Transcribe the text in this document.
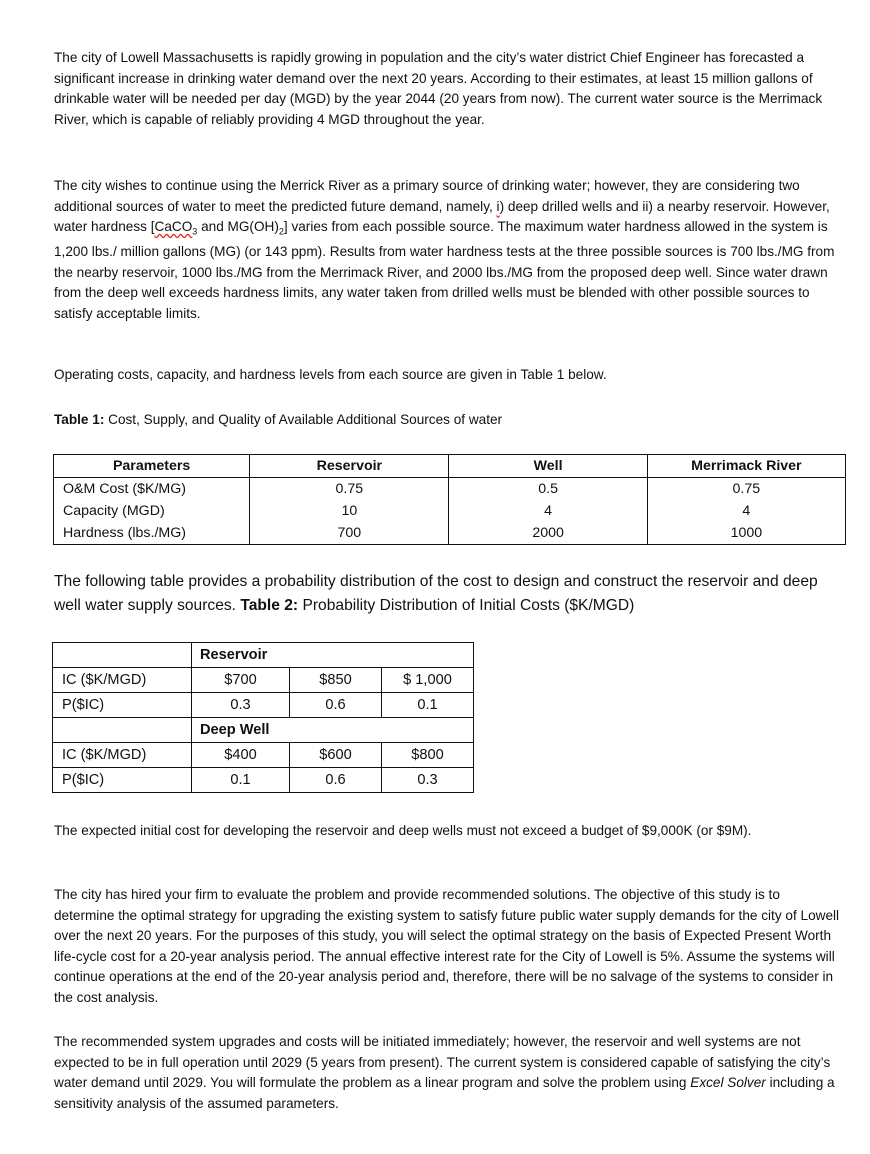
The city of Lowell Massachusetts is rapidly growing in population and the city’s water district Chief Engineer has forecasted a significant increase in drinking water demand over the next 20 years. According to their estimates, at least 15 million gallons of drinkable water will be needed per day (MGD) by the year 2044 (20 years from now). The current water source is the Merrimack River, which is capable of reliably providing 4 MGD throughout the year.

The city wishes to continue using the Merrick River as a primary source of drinking water; however, they are considering two additional sources of water to meet the predicted future demand, namely, i) deep drilled wells and ii) a nearby reservoir. However, water hardness [CaCO$_3$ and $MG(OH)_2$] varies from each possible source. The maximum water hardness allowed in the system is 1,200 lbs./ million gallons (MG) (or 143 ppm). Results from water hardness tests at the three possible sources is 700 lbs./MG from the nearby reservoir, 1000 lbs./MG from the Merrimack River, and 2000 lbs./MG from the proposed deep well. Since water drawn from the deep well exceeds hardness limits, any water taken from drilled wells must be blended with other possible sources to satisfy acceptable limits.

Operating costs, capacity, and hardness levels from each source are given in Table 1 below.

Table 1: Cost, Supply, and Quality of Available Additional Sources of water

Parameters	Reservoir	Well	Merrimack River
O&M Cost ($K/MG)	0.75	0.5	0.75
Capacity (MGD)	10	4	4
Hardness (lbs./MG)	700	2000	1000

The following table provides a probability distribution of the cost to design and construct the reservoir and deep well water supply sources. Table 2: Probability Distribution of Initial Costs ($K/MGD)

	Reservoir		
IC ($K/MGD)	$700	$850	$ 1,000
P($IC)	0.3	0.6	0.1
	Deep Well		
IC ($K/MGD)	$400	$600	$800
P($IC)	0.1	0.6	0.3

The expected initial cost for developing the reservoir and deep wells must not exceed a budget of $9,000K (or $9M).

The city has hired your firm to evaluate the problem and provide recommended solutions. The objective of this study is to determine the optimal strategy for upgrading the existing system to satisfy future public water supply demands for the city of Lowell over the next 20 years. For the purposes of this study, you will select the optimal strategy on the basis of Expected Present Worth life-cycle cost for a 20-year analysis period. The annual effective interest rate for the City of Lowell is 5%. Assume the systems will continue operations at the end of the 20-year analysis period and, therefore, there will be no salvage of the systems to consider in the cost analysis.

The recommended system upgrades and costs will be initiated immediately; however, the reservoir and well systems are not expected to be in full operation until 2029 (5 years from present). The current system is considered capable of satisfying the city’s water demand until 2029. You will formulate the problem as a linear program and solve the problem using Excel Solver including a sensitivity analysis of the assumed parameters.
